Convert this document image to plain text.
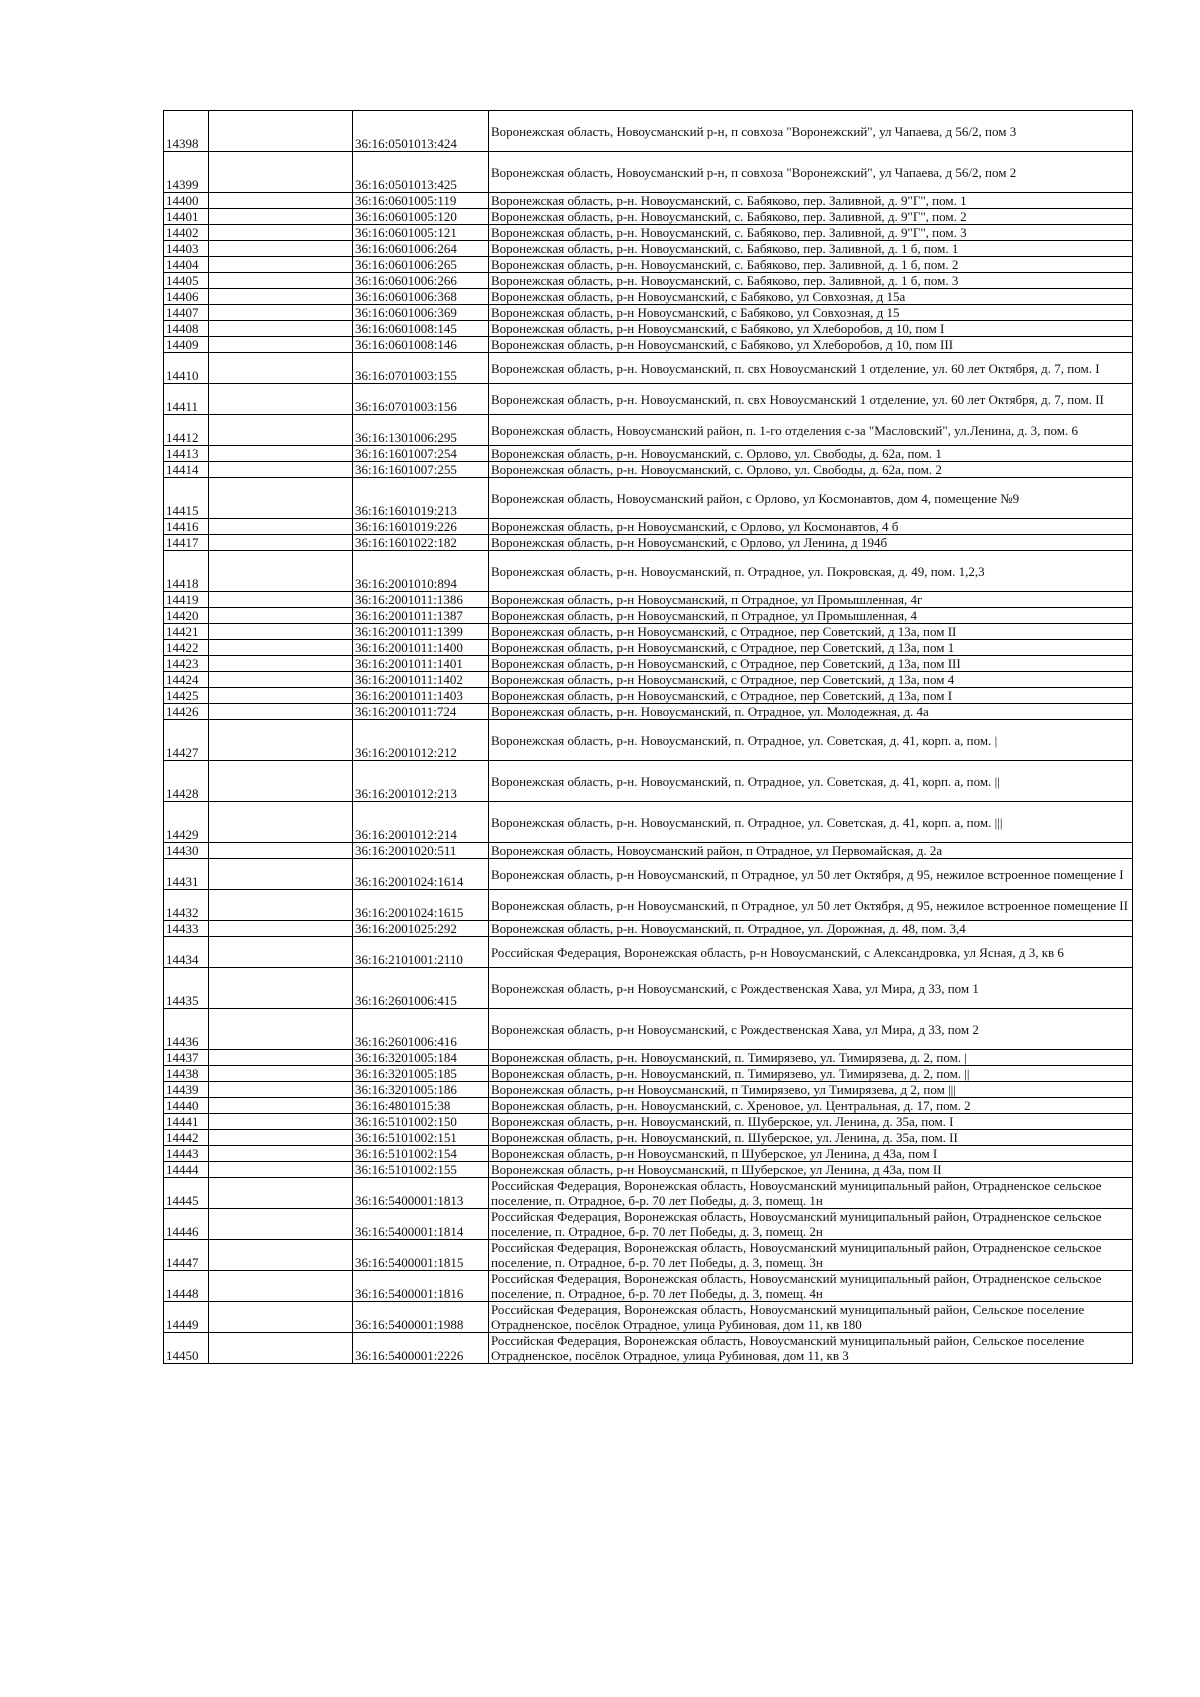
14398		36:16:0501013:424	Воронежская область, Новоусманский р-н, п совхоза "Воронежский", ул Чапаева, д 56/2, пом 3
14399		36:16:0501013:425	Воронежская область, Новоусманский р-н, п совхоза "Воронежский", ул Чапаева, д 56/2, пом 2
14400		36:16:0601005:119	Воронежская область, р-н. Новоусманский, с. Бабяково, пер. Заливной, д. 9"Г", пом. 1
14401		36:16:0601005:120	Воронежская область, р-н. Новоусманский, с. Бабяково, пер. Заливной, д. 9"Г", пом. 2
14402		36:16:0601005:121	Воронежская область, р-н. Новоусманский, с. Бабяково, пер. Заливной, д. 9"Г", пом. 3
14403		36:16:0601006:264	Воронежская область, р-н. Новоусманский, с. Бабяково, пер. Заливной, д. 1 б, пом. 1
14404		36:16:0601006:265	Воронежская область, р-н. Новоусманский, с. Бабяково, пер. Заливной, д. 1 б, пом. 2
14405		36:16:0601006:266	Воронежская область, р-н. Новоусманский, с. Бабяково, пер. Заливной, д. 1 б, пом. 3
14406		36:16:0601006:368	Воронежская область, р-н Новоусманский, с Бабяково, ул Совхозная, д 15а
14407		36:16:0601006:369	Воронежская область, р-н Новоусманский, с Бабяково, ул Совхозная, д 15
14408		36:16:0601008:145	Воронежская область, р-н Новоусманский, с Бабяково, ул Хлеборобов, д 10, пом I
14409		36:16:0601008:146	Воронежская область, р-н Новоусманский, с Бабяково, ул Хлеборобов, д 10, пом III
14410		36:16:0701003:155	Воронежская область, р-н. Новоусманский, п. свх Новоусманский 1 отделение, ул. 60 лет Октября, д. 7, пом. I
14411		36:16:0701003:156	Воронежская область, р-н. Новоусманский, п. свх Новоусманский 1 отделение, ул. 60 лет Октября, д. 7, пом. II
14412		36:16:1301006:295	Воронежская область, Новоусманский район, п. 1-го отделения с-за "Масловский", ул.Ленина, д. 3, пом. 6
14413		36:16:1601007:254	Воронежская область, р-н. Новоусманский, с. Орлово, ул. Свободы, д. 62а, пом. 1
14414		36:16:1601007:255	Воронежская область, р-н. Новоусманский, с. Орлово, ул. Свободы, д. 62а, пом. 2
14415		36:16:1601019:213	Воронежская область, Новоусманский район, с Орлово, ул Космонавтов, дом 4, помещение №9
14416		36:16:1601019:226	Воронежская область, р-н Новоусманский, с Орлово, ул Космонавтов, 4 б
14417		36:16:1601022:182	Воронежская область, р-н Новоусманский, с Орлово, ул Ленина, д 194б
14418		36:16:2001010:894	Воронежская область, р-н. Новоусманский, п. Отрадное, ул. Покровская, д. 49, пом. 1,2,3
14419		36:16:2001011:1386	Воронежская область, р-н Новоусманский, п Отрадное, ул Промышленная, 4г
14420		36:16:2001011:1387	Воронежская область, р-н Новоусманский, п Отрадное, ул Промышленная, 4
14421		36:16:2001011:1399	Воронежская область, р-н Новоусманский, с Отрадное, пер Советский, д 13а, пом II
14422		36:16:2001011:1400	Воронежская область, р-н Новоусманский, с Отрадное, пер Советский, д 13а, пом 1
14423		36:16:2001011:1401	Воронежская область, р-н Новоусманский, с Отрадное, пер Советский, д 13а, пом III
14424		36:16:2001011:1402	Воронежская область, р-н Новоусманский, с Отрадное, пер Советский, д 13а, пом 4
14425		36:16:2001011:1403	Воронежская область, р-н Новоусманский, с Отрадное, пер Советский, д 13а, пом I
14426		36:16:2001011:724	Воронежская область, р-н. Новоусманский, п. Отрадное, ул. Молодежная, д. 4а
14427		36:16:2001012:212	Воронежская область, р-н. Новоусманский, п. Отрадное, ул. Советская, д. 41, корп. а, пом. |
14428		36:16:2001012:213	Воронежская область, р-н. Новоусманский, п. Отрадное, ул. Советская, д. 41, корп. а, пом. ||
14429		36:16:2001012:214	Воронежская область, р-н. Новоусманский, п. Отрадное, ул. Советская, д. 41, корп. а, пом. |||
14430		36:16:2001020:511	Воронежская область, Новоусманский район, п Отрадное, ул Первомайская, д. 2а
14431		36:16:2001024:1614	Воронежская область, р-н Новоусманский, п Отрадное, ул 50 лет Октября, д 95, нежилое встроенное помещение I
14432		36:16:2001024:1615	Воронежская область, р-н Новоусманский, п Отрадное, ул 50 лет Октября, д 95, нежилое встроенное помещение II
14433		36:16:2001025:292	Воронежская область, р-н. Новоусманский, п. Отрадное, ул. Дорожная, д. 48, пом. 3,4
14434		36:16:2101001:2110	Российская Федерация, Воронежская область, р-н Новоусманский, с Александровка, ул Ясная, д 3, кв 6
14435		36:16:2601006:415	Воронежская область, р-н Новоусманский, с Рождественская Хава, ул Мира, д 33, пом 1
14436		36:16:2601006:416	Воронежская область, р-н Новоусманский, с Рождественская Хава, ул Мира, д 33, пом 2
14437		36:16:3201005:184	Воронежская область, р-н. Новоусманский, п. Тимирязево, ул. Тимирязева, д. 2, пом. |
14438		36:16:3201005:185	Воронежская область, р-н. Новоусманский, п. Тимирязево, ул. Тимирязева, д. 2, пом. ||
14439		36:16:3201005:186	Воронежская область, р-н Новоусманский, п Тимирязево, ул Тимирязева, д 2, пом |||
14440		36:16:4801015:38	Воронежская область, р-н. Новоусманский, с. Хреновое, ул. Центральная, д. 17, пом. 2
14441		36:16:5101002:150	Воронежская область, р-н. Новоусманский, п. Шуберское, ул. Ленина, д. 35а, пом. I
14442		36:16:5101002:151	Воронежская область, р-н. Новоусманский, п. Шуберское, ул. Ленина, д. 35а, пом. II
14443		36:16:5101002:154	Воронежская область, р-н Новоусманский, п Шуберское, ул Ленина, д 43а, пом I
14444		36:16:5101002:155	Воронежская область, р-н Новоусманский, п Шуберское, ул Ленина, д 43а, пом II
14445		36:16:5400001:1813	Российская Федерация, Воронежская область, Новоусманский муниципальный район, Отрадненское сельское поселение, п. Отрадное, б-р. 70 лет Победы, д. 3, помещ. 1н
14446		36:16:5400001:1814	Российская Федерация, Воронежская область, Новоусманский муниципальный район, Отрадненское сельское поселение, п. Отрадное, б-р. 70 лет Победы, д. 3, помещ. 2н
14447		36:16:5400001:1815	Российская Федерация, Воронежская область, Новоусманский муниципальный район, Отрадненское сельское поселение, п. Отрадное, б-р. 70 лет Победы, д. 3, помещ. 3н
14448		36:16:5400001:1816	Российская Федерация, Воронежская область, Новоусманский муниципальный район, Отрадненское сельское поселение, п. Отрадное, б-р. 70 лет Победы, д. 3, помещ. 4н
14449		36:16:5400001:1988	Российская Федерация, Воронежская область, Новоусманский муниципальный район, Сельское поселение Отрадненское, посёлок Отрадное, улица Рубиновая, дом 11, кв 180
14450		36:16:5400001:2226	Российская Федерация, Воронежская область, Новоусманский муниципальный район, Сельское поселение Отрадненское, посёлок Отрадное, улица Рубиновая, дом 11, кв 3
